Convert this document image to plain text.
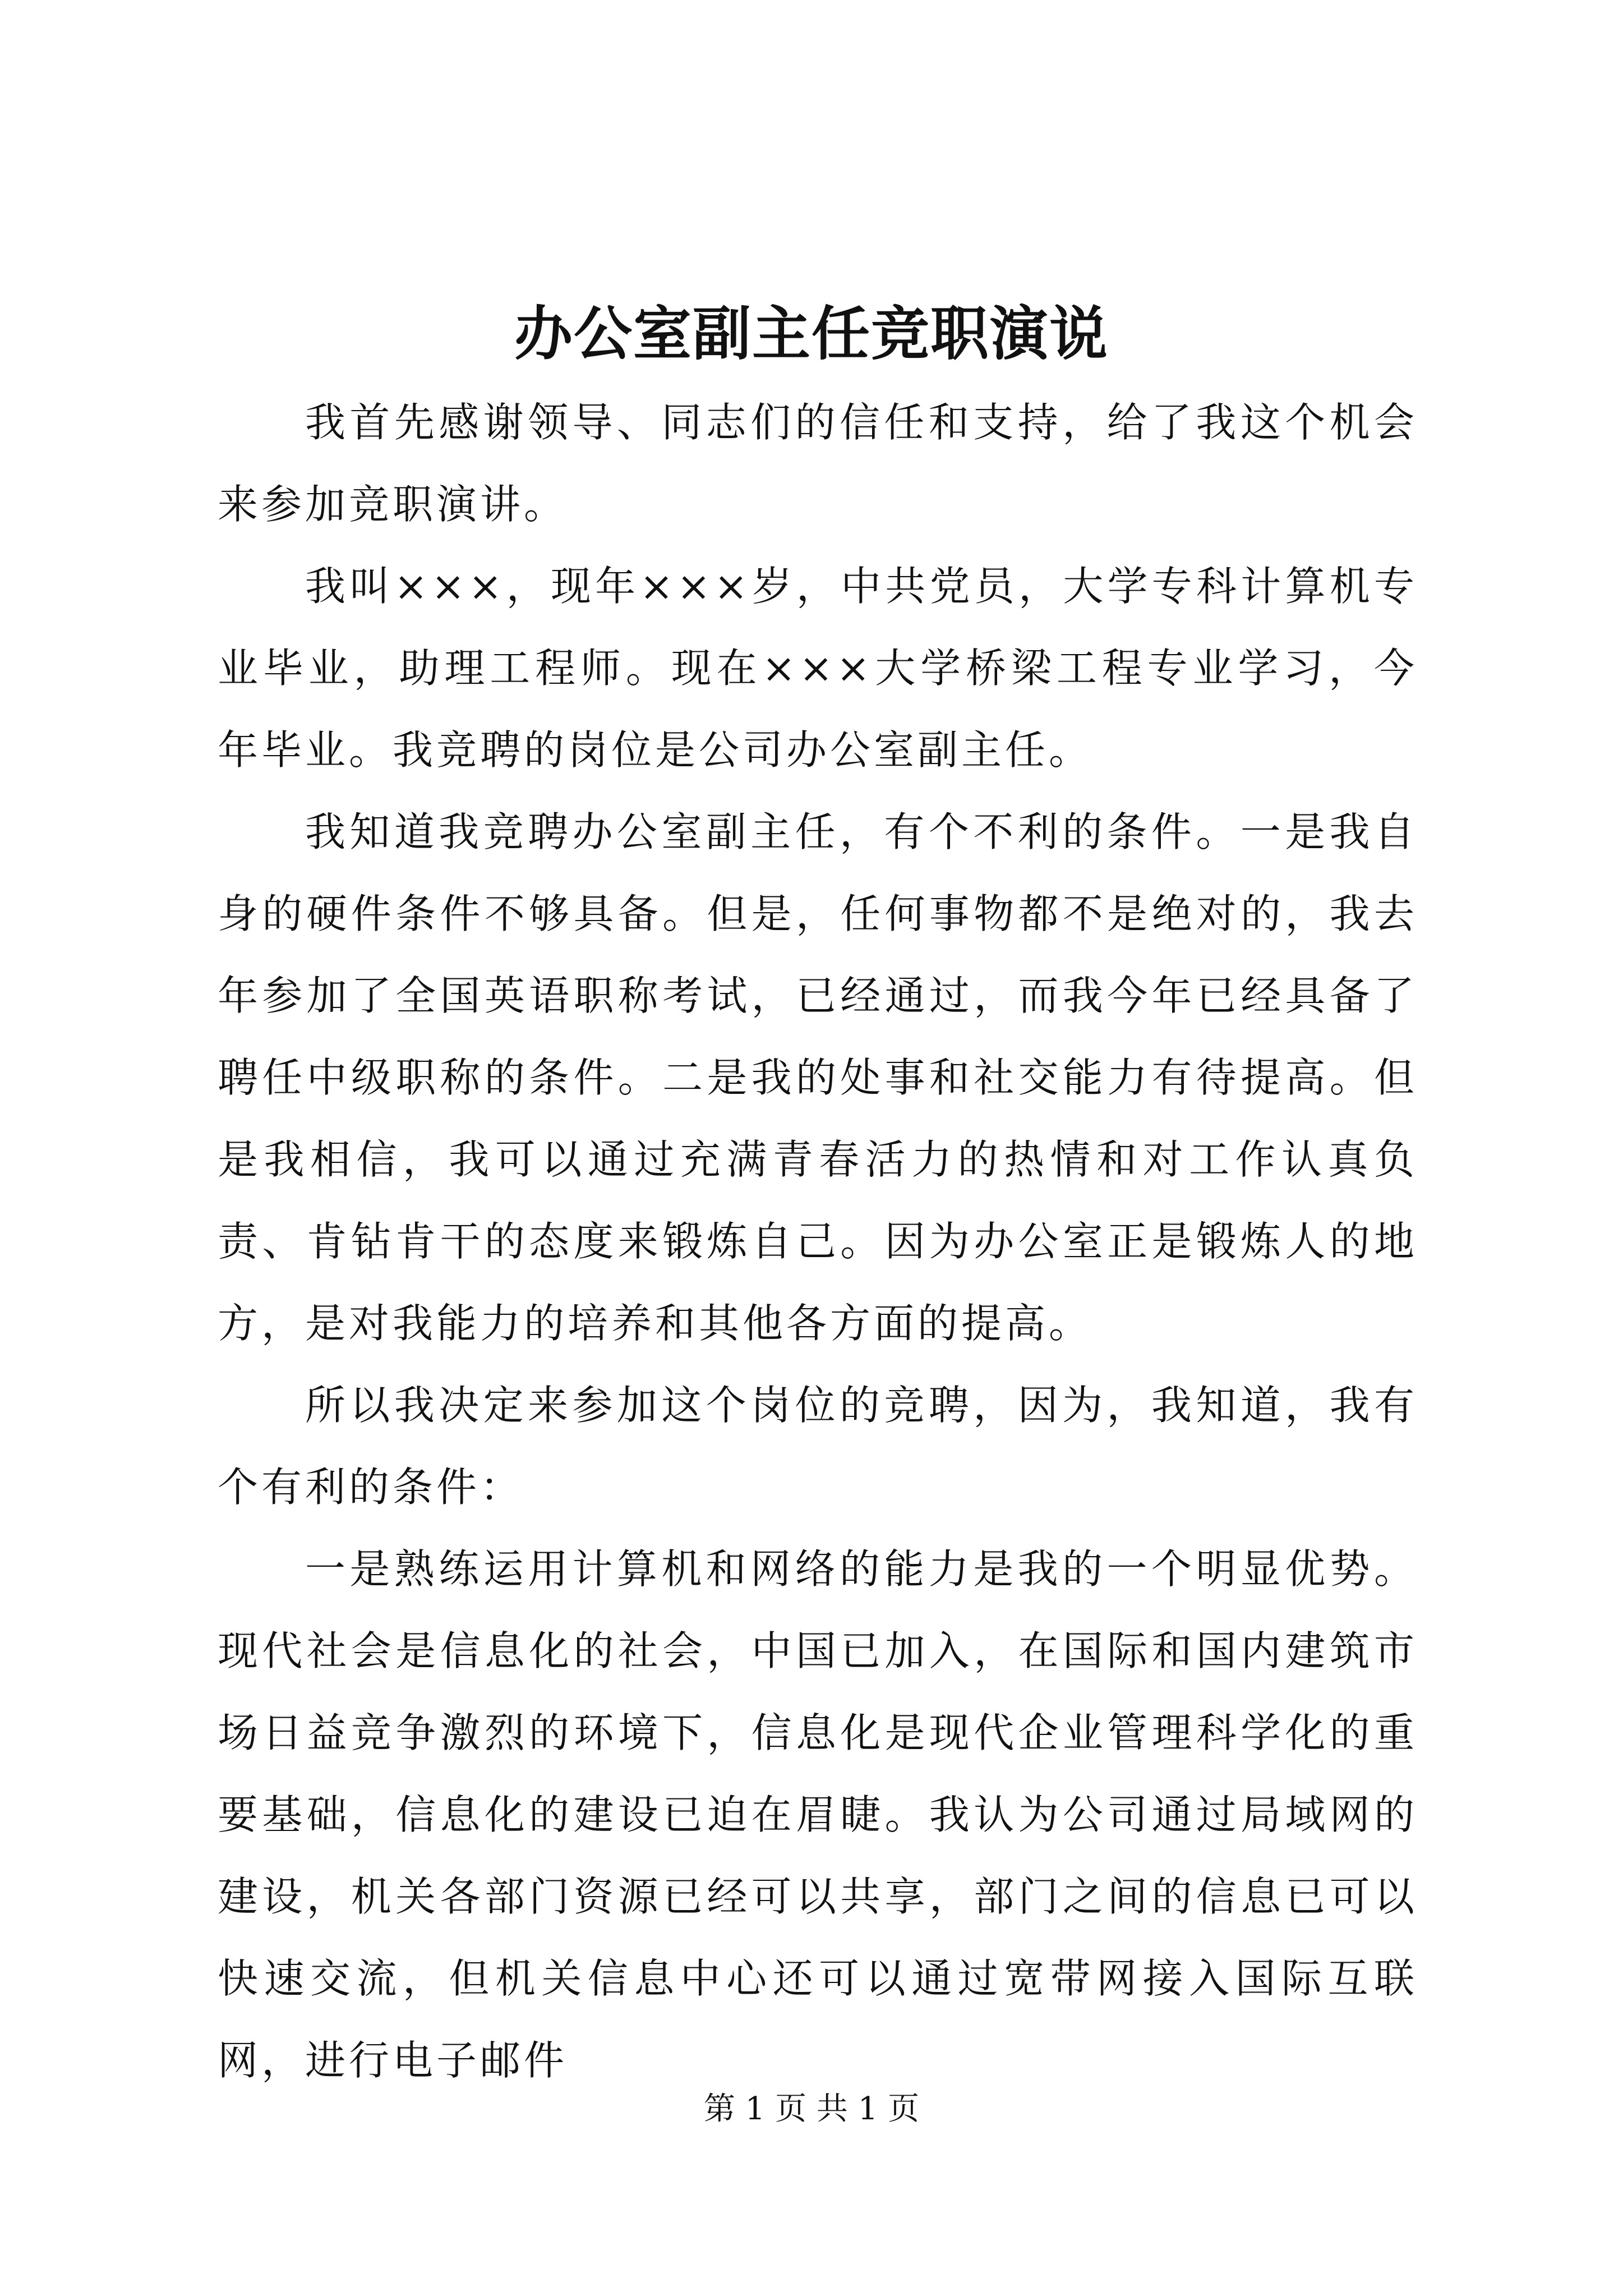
办公室副主任竞职演说

我首先感谢领导、同志们的信任和支持，给了我这个机会来参加竞职演讲。

我叫×××，现年×××岁，中共党员，大学专科计算机专业毕业，助理工程师。现在×××大学桥梁工程专业学习，今年毕业。我竞聘的岗位是公司办公室副主任。

我知道我竞聘办公室副主任，有个不利的条件。一是我自身的硬件条件不够具备。但是，任何事物都不是绝对的，我去年参加了全国英语职称考试，已经通过，而我今年已经具备了聘任中级职称的条件。二是我的处事和社交能力有待提高。但是我相信，我可以通过充满青春活力的热情和对工作认真负责、肯钻肯干的态度来锻炼自己。因为办公室正是锻炼人的地方，是对我能力的培养和其他各方面的提高。

所以我决定来参加这个岗位的竞聘，因为，我知道，我有个有利的条件：

一是熟练运用计算机和网络的能力是我的一个明显优势。现代社会是信息化的社会，中国已加入，在国际和国内建筑市场日益竞争激烈的环境下，信息化是现代企业管理科学化的重要基础，信息化的建设已迫在眉睫。我认为公司通过局域网的建设，机关各部门资源已经可以共享，部门之间的信息已可以快速交流，但机关信息中心还可以通过宽带网接入国际互联网，进行电子邮件

第 1 页 共 1 页
